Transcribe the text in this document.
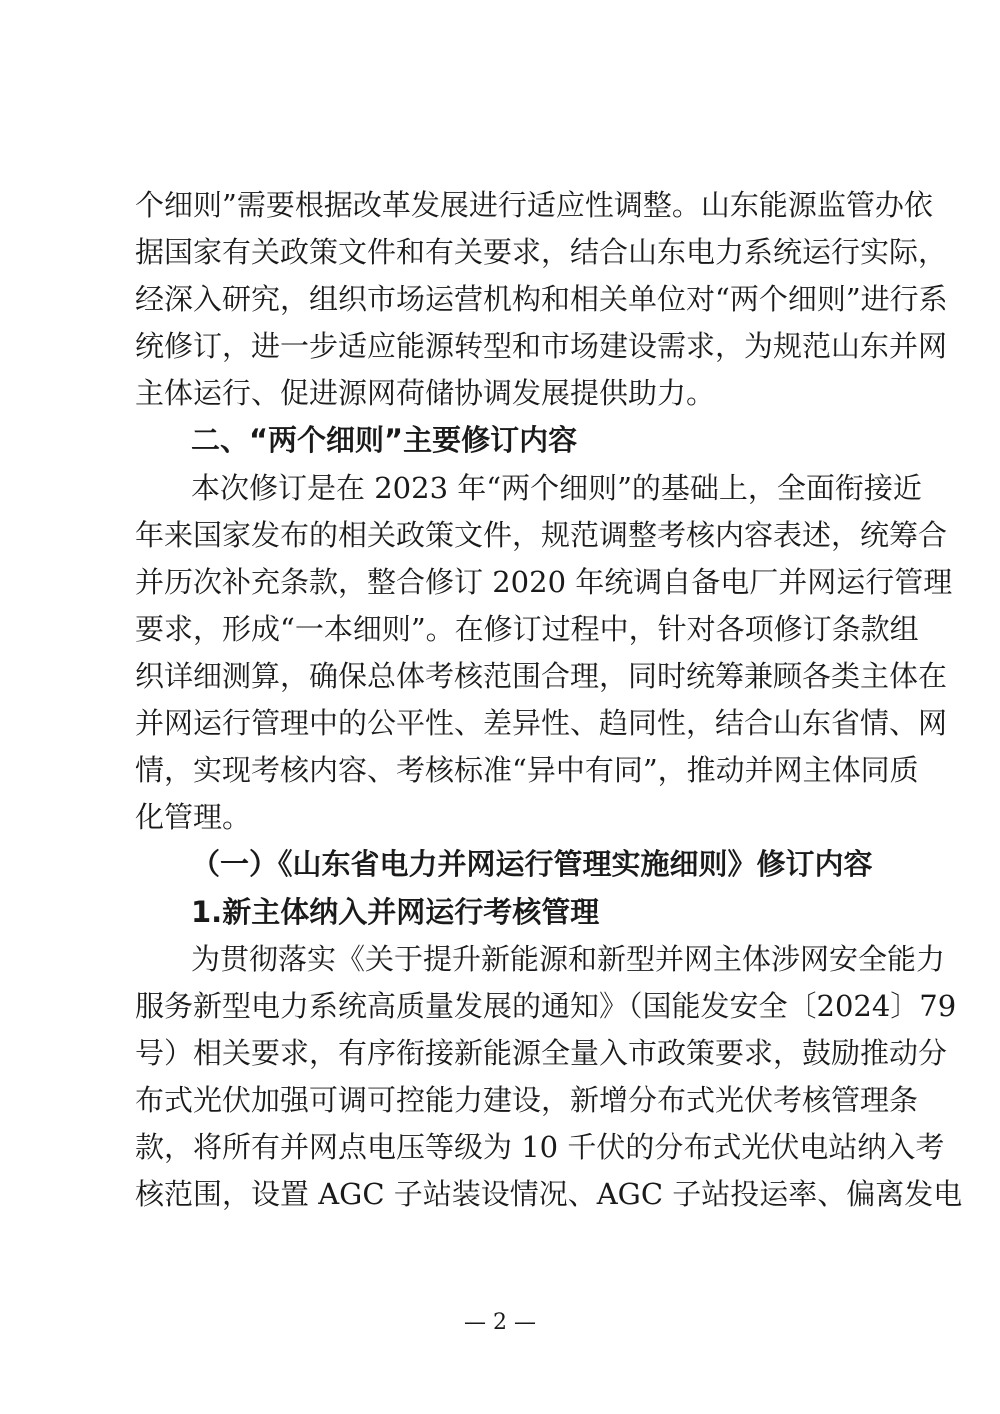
个细则”需要根据改革发展进行适应性调整。山东能源监管办依
据国家有关政策文件和有关要求，结合山东电力系统运行实际，
经深入研究，组织市场运营机构和相关单位对“两个细则”进行系
统修订，进一步适应能源转型和市场建设需求，为规范山东并网
主体运行、促进源网荷储协调发展提供助力。
二、“两个细则”主要修订内容
本次修订是在 2023 年“两个细则”的基础上，全面衔接近
年来国家发布的相关政策文件，规范调整考核内容表述，统筹合
并历次补充条款，整合修订 2020 年统调自备电厂并网运行管理
要求，形成“一本细则”。在修订过程中，针对各项修订条款组
织详细测算，确保总体考核范围合理，同时统筹兼顾各类主体在
并网运行管理中的公平性、差异性、趋同性，结合山东省情、网
情，实现考核内容、考核标准“异中有同”，推动并网主体同质
化管理。
（一）《山东省电力并网运行管理实施细则》修订内容
1.新主体纳入并网运行考核管理
为贯彻落实《关于提升新能源和新型并网主体涉网安全能力
服务新型电力系统高质量发展的通知》（国能发安全〔2024〕79
号）相关要求，有序衔接新能源全量入市政策要求，鼓励推动分
布式光伏加强可调可控能力建设，新增分布式光伏考核管理条
款，将所有并网点电压等级为 10 千伏的分布式光伏电站纳入考
核范围，设置 AGC 子站装设情况、AGC 子站投运率、偏离发电
— 2 —
